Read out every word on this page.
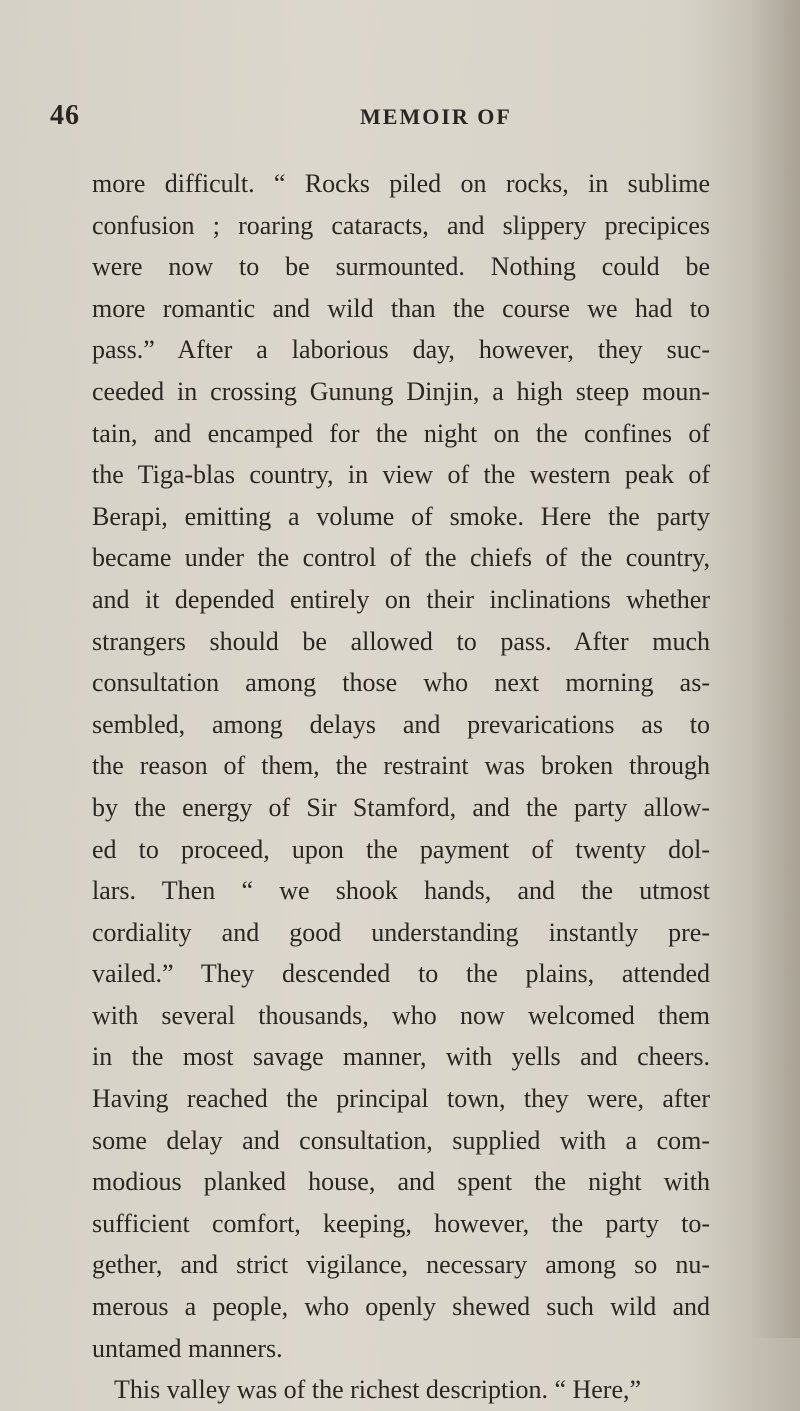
46	MEMOIR OF
more difficult. “ Rocks piled on rocks, in sublime
confusion ; roaring cataracts, and slippery precipices
were now to be surmounted. Nothing could be
more romantic and wild than the course we had to
pass.” After a laborious day, however, they suc-
ceeded in crossing Gunung Dinjin, a high steep moun-
tain, and encamped for the night on the confines of
the Tiga-blas country, in view of the western peak of
Berapi, emitting a volume of smoke. Here the party
became under the control of the chiefs of the country,
and it depended entirely on their inclinations whether
strangers should be allowed to pass. After much
consultation among those who next morning as-
sembled, among delays and prevarications as to
the reason of them, the restraint was broken through
by the energy of Sir Stamford, and the party allow-
ed to proceed, upon the payment of twenty dol-
lars. Then “ we shook hands, and the utmost
cordiality and good understanding instantly pre-
vailed.” They descended to the plains, attended
with several thousands, who now welcomed them
in the most savage manner, with yells and cheers.
Having reached the principal town, they were, after
some delay and consultation, supplied with a com-
modious planked house, and spent the night with
sufficient comfort, keeping, however, the party to-
gether, and strict vigilance, necessary among so nu-
merous a people, who openly shewed such wild and
untamed manners.
This valley was of the richest description. “ Here,”
